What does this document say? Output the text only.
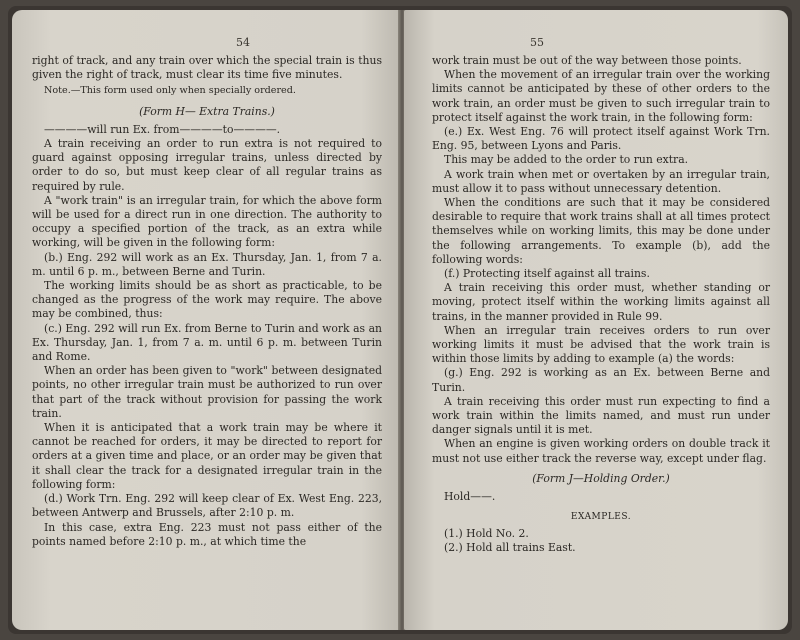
54

right of track, and any train over which the special train is thus given the right of track, must clear its time five minutes.

Note.—This form used only when specially ordered.

(Form H— Extra Trains.)

————will run Ex. from————to————.

A train receiving an order to run extra is not required to guard against opposing irregular trains, unless directed by order to do so, but must keep clear of all regular trains as required by rule.

A "work train" is an irregular train, for which the above form will be used for a direct run in one direction. The authority to occupy a specified portion of the track, as an extra while working, will be given in the following form:

(b.) Eng. 292 will work as an Ex. Thursday, Jan. 1, from 7 a. m. until 6 p. m., between Berne and Turin.

The working limits should be as short as practicable, to be changed as the progress of the work may require. The above may be combined, thus:

(c.) Eng. 292 will run Ex. from Berne to Turin and work as an Ex. Thursday, Jan. 1, from 7 a. m. until 6 p. m. between Turin and Rome.

When an order has been given to "work" between designated points, no other irregular train must be authorized to run over that part of the track without provision for passing the work train.

When it is anticipated that a work train may be where it cannot be reached for orders, it may be directed to report for orders at a given time and place, or an order may be given that it shall clear the track for a designated irregular train in the following form:

(d.) Work Trn. Eng. 292 will keep clear of Ex. West Eng. 223, between Antwerp and Brussels, after 2:10 p. m.

In this case, extra Eng. 223 must not pass either of the points named before 2:10 p. m., at which time the

55

work train must be out of the way between those points.

When the movement of an irregular train over the working limits cannot be anticipated by these of other orders to the work train, an order must be given to such irregular train to protect itself against the work train, in the following form:

(e.) Ex. West Eng. 76 will protect itself against Work Trn. Eng. 95, between Lyons and Paris.

This may be added to the order to run extra.

A work train when met or overtaken by an irregular train, must allow it to pass without unnecessary detention.

When the conditions are such that it may be considered desirable to require that work trains shall at all times protect themselves while on working limits, this may be done under the following arrangements. To example (b), add the following words:

(f.) Protecting itself against all trains.

A train receiving this order must, whether standing or moving, protect itself within the working limits against all trains, in the manner provided in Rule 99.

When an irregular train receives orders to run over working limits it must be advised that the work train is within those limits by adding to example (a) the words:

(g.) Eng. 292 is working as an Ex. between Berne and Turin.

A train receiving this order must run expecting to find a work train within the limits named, and must run under danger signals until it is met.

When an engine is given working orders on double track it must not use either track the reverse way, except under flag.

(Form J—Holding Order.)

Hold——.

EXAMPLES.

(1.) Hold No. 2.

(2.) Hold all trains East.
